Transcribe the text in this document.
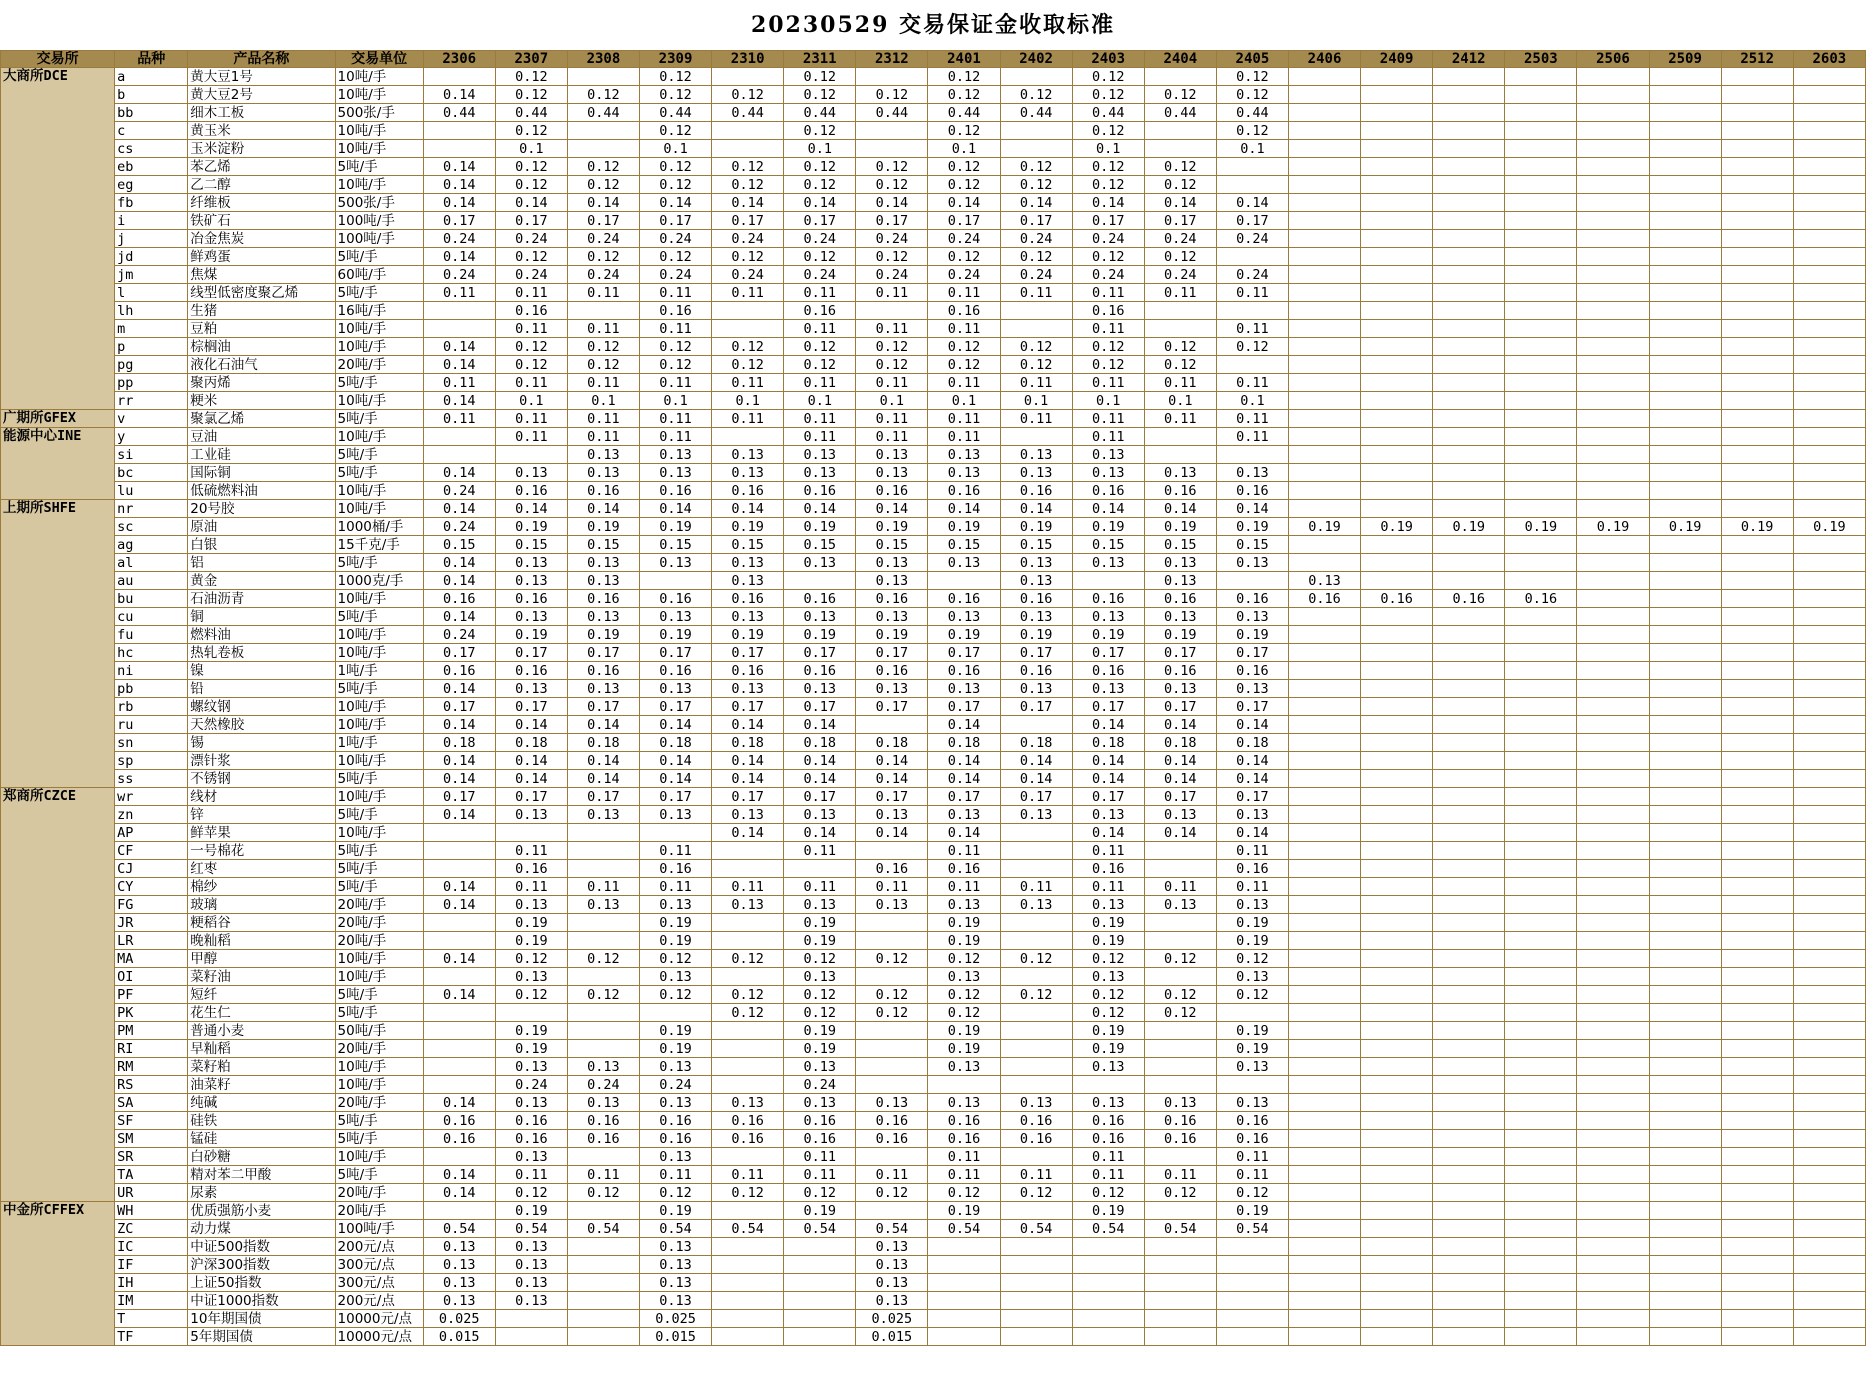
20230529 交易保证金收取标准
交易所	品种	产品名称	交易单位	2306	2307	2308	2309	2310	2311	2312	2401	2402	2403	2404	2405	2406	2409	2412	2503	2506	2509	2512	2603
大商所DCE	a	黄大豆1号	10吨/手		0.12		0.12		0.12		0.12		0.12		0.12								
	b	黄大豆2号	10吨/手	0.14	0.12	0.12	0.12	0.12	0.12	0.12	0.12	0.12	0.12	0.12	0.12								
	bb	细木工板	500张/手	0.44	0.44	0.44	0.44	0.44	0.44	0.44	0.44	0.44	0.44	0.44	0.44								
	c	黄玉米	10吨/手		0.12		0.12		0.12		0.12		0.12		0.12								
	cs	玉米淀粉	10吨/手		0.1		0.1		0.1		0.1		0.1		0.1								
	eb	苯乙烯	5吨/手	0.14	0.12	0.12	0.12	0.12	0.12	0.12	0.12	0.12	0.12	0.12									
	eg	乙二醇	10吨/手	0.14	0.12	0.12	0.12	0.12	0.12	0.12	0.12	0.12	0.12	0.12									
	fb	纤维板	500张/手	0.14	0.14	0.14	0.14	0.14	0.14	0.14	0.14	0.14	0.14	0.14	0.14								
	i	铁矿石	100吨/手	0.17	0.17	0.17	0.17	0.17	0.17	0.17	0.17	0.17	0.17	0.17	0.17								
	j	冶金焦炭	100吨/手	0.24	0.24	0.24	0.24	0.24	0.24	0.24	0.24	0.24	0.24	0.24	0.24								
	jd	鲜鸡蛋	5吨/手	0.14	0.12	0.12	0.12	0.12	0.12	0.12	0.12	0.12	0.12	0.12									
	jm	焦煤	60吨/手	0.24	0.24	0.24	0.24	0.24	0.24	0.24	0.24	0.24	0.24	0.24	0.24								
	l	线型低密度聚乙烯	5吨/手	0.11	0.11	0.11	0.11	0.11	0.11	0.11	0.11	0.11	0.11	0.11	0.11								
	lh	生猪	16吨/手		0.16		0.16		0.16		0.16		0.16										
	m	豆粕	10吨/手		0.11	0.11	0.11		0.11	0.11	0.11		0.11		0.11								
	p	棕榈油	10吨/手	0.14	0.12	0.12	0.12	0.12	0.12	0.12	0.12	0.12	0.12	0.12	0.12								
	pg	液化石油气	20吨/手	0.14	0.12	0.12	0.12	0.12	0.12	0.12	0.12	0.12	0.12	0.12									
	pp	聚丙烯	5吨/手	0.11	0.11	0.11	0.11	0.11	0.11	0.11	0.11	0.11	0.11	0.11	0.11								
	rr	粳米	10吨/手	0.14	0.1	0.1	0.1	0.1	0.1	0.1	0.1	0.1	0.1	0.1	0.1								
广期所GFEX	v	聚氯乙烯	5吨/手	0.11	0.11	0.11	0.11	0.11	0.11	0.11	0.11	0.11	0.11	0.11	0.11								
能源中心INE	y	豆油	10吨/手		0.11	0.11	0.11		0.11	0.11	0.11		0.11		0.11								
	si	工业硅	5吨/手			0.13	0.13	0.13	0.13	0.13	0.13	0.13	0.13										
	bc	国际铜	5吨/手	0.14	0.13	0.13	0.13	0.13	0.13	0.13	0.13	0.13	0.13	0.13	0.13								
	lu	低硫燃料油	10吨/手	0.24	0.16	0.16	0.16	0.16	0.16	0.16	0.16	0.16	0.16	0.16	0.16								
上期所SHFE	nr	20号胶	10吨/手	0.14	0.14	0.14	0.14	0.14	0.14	0.14	0.14	0.14	0.14	0.14	0.14								
	sc	原油	1000桶/手	0.24	0.19	0.19	0.19	0.19	0.19	0.19	0.19	0.19	0.19	0.19	0.19	0.19	0.19	0.19	0.19	0.19	0.19	0.19	0.19
	ag	白银	15千克/手	0.15	0.15	0.15	0.15	0.15	0.15	0.15	0.15	0.15	0.15	0.15	0.15								
	al	铝	5吨/手	0.14	0.13	0.13	0.13	0.13	0.13	0.13	0.13	0.13	0.13	0.13	0.13								
	au	黄金	1000克/手	0.14	0.13	0.13		0.13		0.13		0.13		0.13		0.13							
	bu	石油沥青	10吨/手	0.16	0.16	0.16	0.16	0.16	0.16	0.16	0.16	0.16	0.16	0.16	0.16	0.16	0.16	0.16	0.16				
	cu	铜	5吨/手	0.14	0.13	0.13	0.13	0.13	0.13	0.13	0.13	0.13	0.13	0.13	0.13								
	fu	燃料油	10吨/手	0.24	0.19	0.19	0.19	0.19	0.19	0.19	0.19	0.19	0.19	0.19	0.19								
	hc	热轧卷板	10吨/手	0.17	0.17	0.17	0.17	0.17	0.17	0.17	0.17	0.17	0.17	0.17	0.17								
	ni	镍	1吨/手	0.16	0.16	0.16	0.16	0.16	0.16	0.16	0.16	0.16	0.16	0.16	0.16								
	pb	铅	5吨/手	0.14	0.13	0.13	0.13	0.13	0.13	0.13	0.13	0.13	0.13	0.13	0.13								
	rb	螺纹钢	10吨/手	0.17	0.17	0.17	0.17	0.17	0.17	0.17	0.17	0.17	0.17	0.17	0.17								
	ru	天然橡胶	10吨/手	0.14	0.14	0.14	0.14	0.14	0.14		0.14		0.14	0.14	0.14								
	sn	锡	1吨/手	0.18	0.18	0.18	0.18	0.18	0.18	0.18	0.18	0.18	0.18	0.18	0.18								
	sp	漂针浆	10吨/手	0.14	0.14	0.14	0.14	0.14	0.14	0.14	0.14	0.14	0.14	0.14	0.14								
	ss	不锈钢	5吨/手	0.14	0.14	0.14	0.14	0.14	0.14	0.14	0.14	0.14	0.14	0.14	0.14								
郑商所CZCE	wr	线材	10吨/手	0.17	0.17	0.17	0.17	0.17	0.17	0.17	0.17	0.17	0.17	0.17	0.17								
	zn	锌	5吨/手	0.14	0.13	0.13	0.13	0.13	0.13	0.13	0.13	0.13	0.13	0.13	0.13								
	AP	鲜苹果	10吨/手					0.14	0.14	0.14	0.14		0.14	0.14	0.14								
	CF	一号棉花	5吨/手		0.11		0.11		0.11		0.11		0.11		0.11								
	CJ	红枣	5吨/手		0.16		0.16			0.16	0.16		0.16		0.16								
	CY	棉纱	5吨/手	0.14	0.11	0.11	0.11	0.11	0.11	0.11	0.11	0.11	0.11	0.11	0.11								
	FG	玻璃	20吨/手	0.14	0.13	0.13	0.13	0.13	0.13	0.13	0.13	0.13	0.13	0.13	0.13								
	JR	粳稻谷	20吨/手		0.19		0.19		0.19		0.19		0.19		0.19								
	LR	晚籼稻	20吨/手		0.19		0.19		0.19		0.19		0.19		0.19								
	MA	甲醇	10吨/手	0.14	0.12	0.12	0.12	0.12	0.12	0.12	0.12	0.12	0.12	0.12	0.12								
	OI	菜籽油	10吨/手		0.13		0.13		0.13		0.13		0.13		0.13								
	PF	短纤	5吨/手	0.14	0.12	0.12	0.12	0.12	0.12	0.12	0.12	0.12	0.12	0.12	0.12								
	PK	花生仁	5吨/手					0.12	0.12	0.12	0.12		0.12	0.12									
	PM	普通小麦	50吨/手		0.19		0.19		0.19		0.19		0.19		0.19								
	RI	早籼稻	20吨/手		0.19		0.19		0.19		0.19		0.19		0.19								
	RM	菜籽粕	10吨/手		0.13	0.13	0.13		0.13		0.13		0.13		0.13								
	RS	油菜籽	10吨/手		0.24	0.24	0.24		0.24														
	SA	纯碱	20吨/手	0.14	0.13	0.13	0.13	0.13	0.13	0.13	0.13	0.13	0.13	0.13	0.13								
	SF	硅铁	5吨/手	0.16	0.16	0.16	0.16	0.16	0.16	0.16	0.16	0.16	0.16	0.16	0.16								
	SM	锰硅	5吨/手	0.16	0.16	0.16	0.16	0.16	0.16	0.16	0.16	0.16	0.16	0.16	0.16								
	SR	白砂糖	10吨/手		0.13		0.13		0.11		0.11		0.11		0.11								
	TA	精对苯二甲酸	5吨/手	0.14	0.11	0.11	0.11	0.11	0.11	0.11	0.11	0.11	0.11	0.11	0.11								
	UR	尿素	20吨/手	0.14	0.12	0.12	0.12	0.12	0.12	0.12	0.12	0.12	0.12	0.12	0.12								
中金所CFFEX	WH	优质强筋小麦	20吨/手		0.19		0.19		0.19		0.19		0.19		0.19								
	ZC	动力煤	100吨/手	0.54	0.54	0.54	0.54	0.54	0.54	0.54	0.54	0.54	0.54	0.54	0.54								
	IC	中证500指数	200元/点	0.13	0.13		0.13			0.13													
	IF	沪深300指数	300元/点	0.13	0.13		0.13			0.13													
	IH	上证50指数	300元/点	0.13	0.13		0.13			0.13													
	IM	中证1000指数	200元/点	0.13	0.13		0.13			0.13													
	T	10年期国债	10000元/点	0.025			0.025			0.025													
	TF	5年期国债	10000元/点	0.015			0.015			0.015													
